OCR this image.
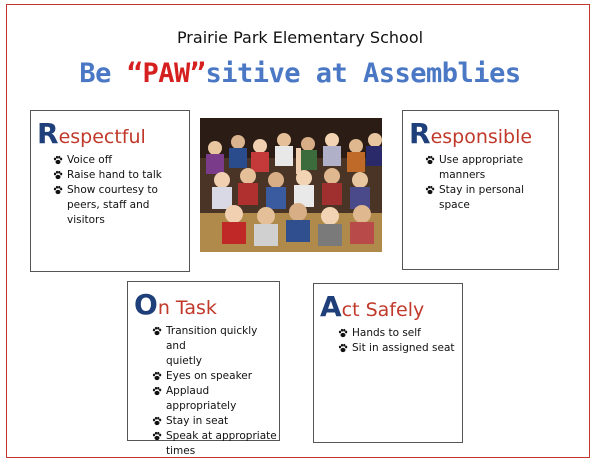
Prairie Park Elementary School
Be “PAW”sitive at Assemblies
Respectful
Voice off
Raise hand to talk
Show courtesy to
peers, staff and
visitors
Responsible
Use appropriate
manners
Stay in personal space
On Task
Transition quickly and
quietly
Eyes on speaker
Applaud appropriately
Stay in seat
Speak at appropriate
times
Act Safely
Hands to self
Sit in assigned seat
